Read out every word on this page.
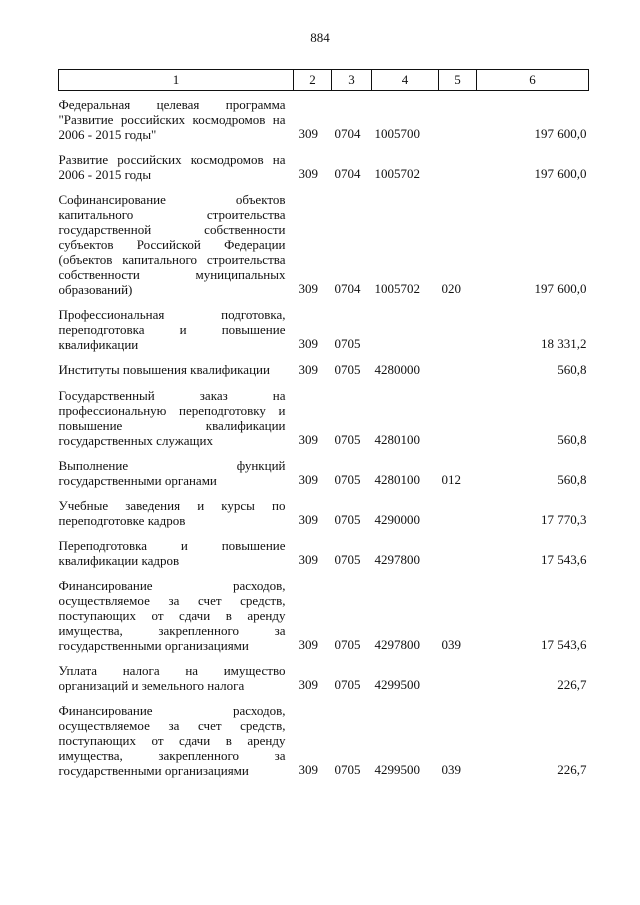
884
1	2	3	4	5	6
Федеральная целевая программа "Развитие российских космодромов на 2006 - 2015 годы"	309	0704	1005700		197 600,0
Развитие российских космодромов на 2006 - 2015 годы	309	0704	1005702		197 600,0
Софинансирование объектов капитального строительства государственной собственности субъектов Российской Федерации (объектов капитального строительства собственности муниципальных образований)	309	0704	1005702	020	197 600,0
Профессиональная подготовка, переподготовка и повышение квалификации	309	0705			18 331,2
Институты повышения квалификации	309	0705	4280000		560,8
Государственный заказ на профессиональную переподготовку и повышение квалификации государственных служащих	309	0705	4280100		560,8
Выполнение функций государственными органами	309	0705	4280100	012	560,8
Учебные заведения и курсы по переподготовке кадров	309	0705	4290000		17 770,3
Переподготовка и повышение квалификации кадров	309	0705	4297800		17 543,6
Финансирование расходов, осуществляемое за счет средств, поступающих от сдачи в аренду имущества, закрепленного за государственными организациями	309	0705	4297800	039	17 543,6
Уплата налога на имущество организаций и земельного налога	309	0705	4299500		226,7
Финансирование расходов, осуществляемое за счет средств, поступающих от сдачи в аренду имущества, закрепленного за государственными организациями	309	0705	4299500	039	226,7
